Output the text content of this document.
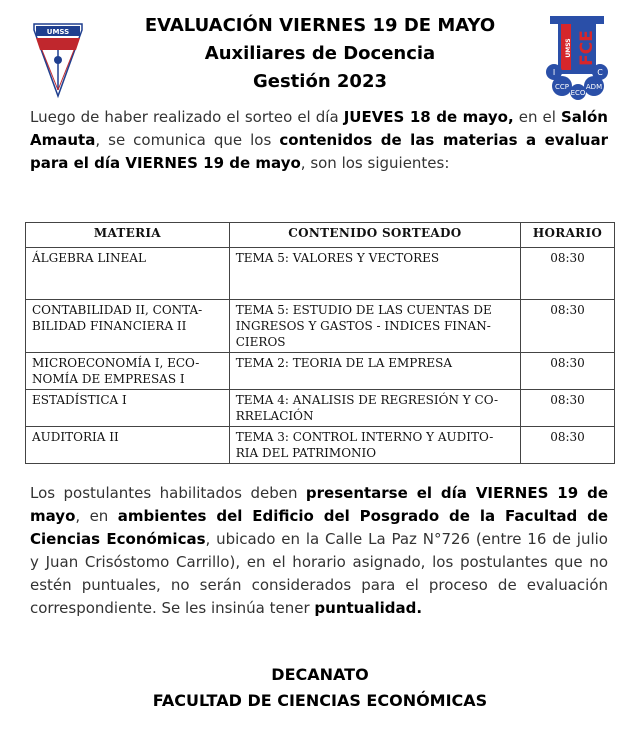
UMSS
UMSS FCE
I	C
CCP ADM
ECO
EVALUACIÓN VIERNES 19 DE MAYO
Auxiliares de Docencia
Gestión 2023
Luego de haber realizado el sorteo el día JUEVES 18 de mayo, en el Salón Amauta, se comunica que los contenidos de las materias a evaluar para el día VIERNES 19 de mayo, son los siguientes:
MATERIA	CONTENIDO SORTEADO	HORARIO
ÁLGEBRA LINEAL	TEMA 5: VALORES Y VECTORES	08:30
CONTABILIDAD II, CONTA-BILIDAD FINANCIERA II	TEMA 5: ESTUDIO DE LAS CUENTAS DE INGRESOS Y GASTOS - INDICES FINAN-CIEROS	08:30
MICROECONOMÍA I, ECO-NOMÍA DE EMPRESAS I	TEMA 2: TEORIA DE LA EMPRESA	08:30
ESTADÍSTICA I	TEMA 4: ANALISIS DE REGRESIÓN Y CO-RRELACIÓN	08:30
AUDITORIA II	TEMA 3: CONTROL INTERNO Y AUDITO-RIA DEL PATRIMONIO	08:30
Los postulantes habilitados deben presentarse el día VIERNES 19 de mayo, en ambientes del Edificio del Posgrado de la Facultad de Ciencias Económicas, ubicado en la Calle La Paz N°726 (entre 16 de julio y Juan Crisóstomo Carrillo), en el horario asignado, los postulantes que no estén puntuales, no serán considerados para el proceso de evaluación correspondiente. Se les insinúa tener puntualidad.
DECANATO
FACULTAD DE CIENCIAS ECONÓMICAS
